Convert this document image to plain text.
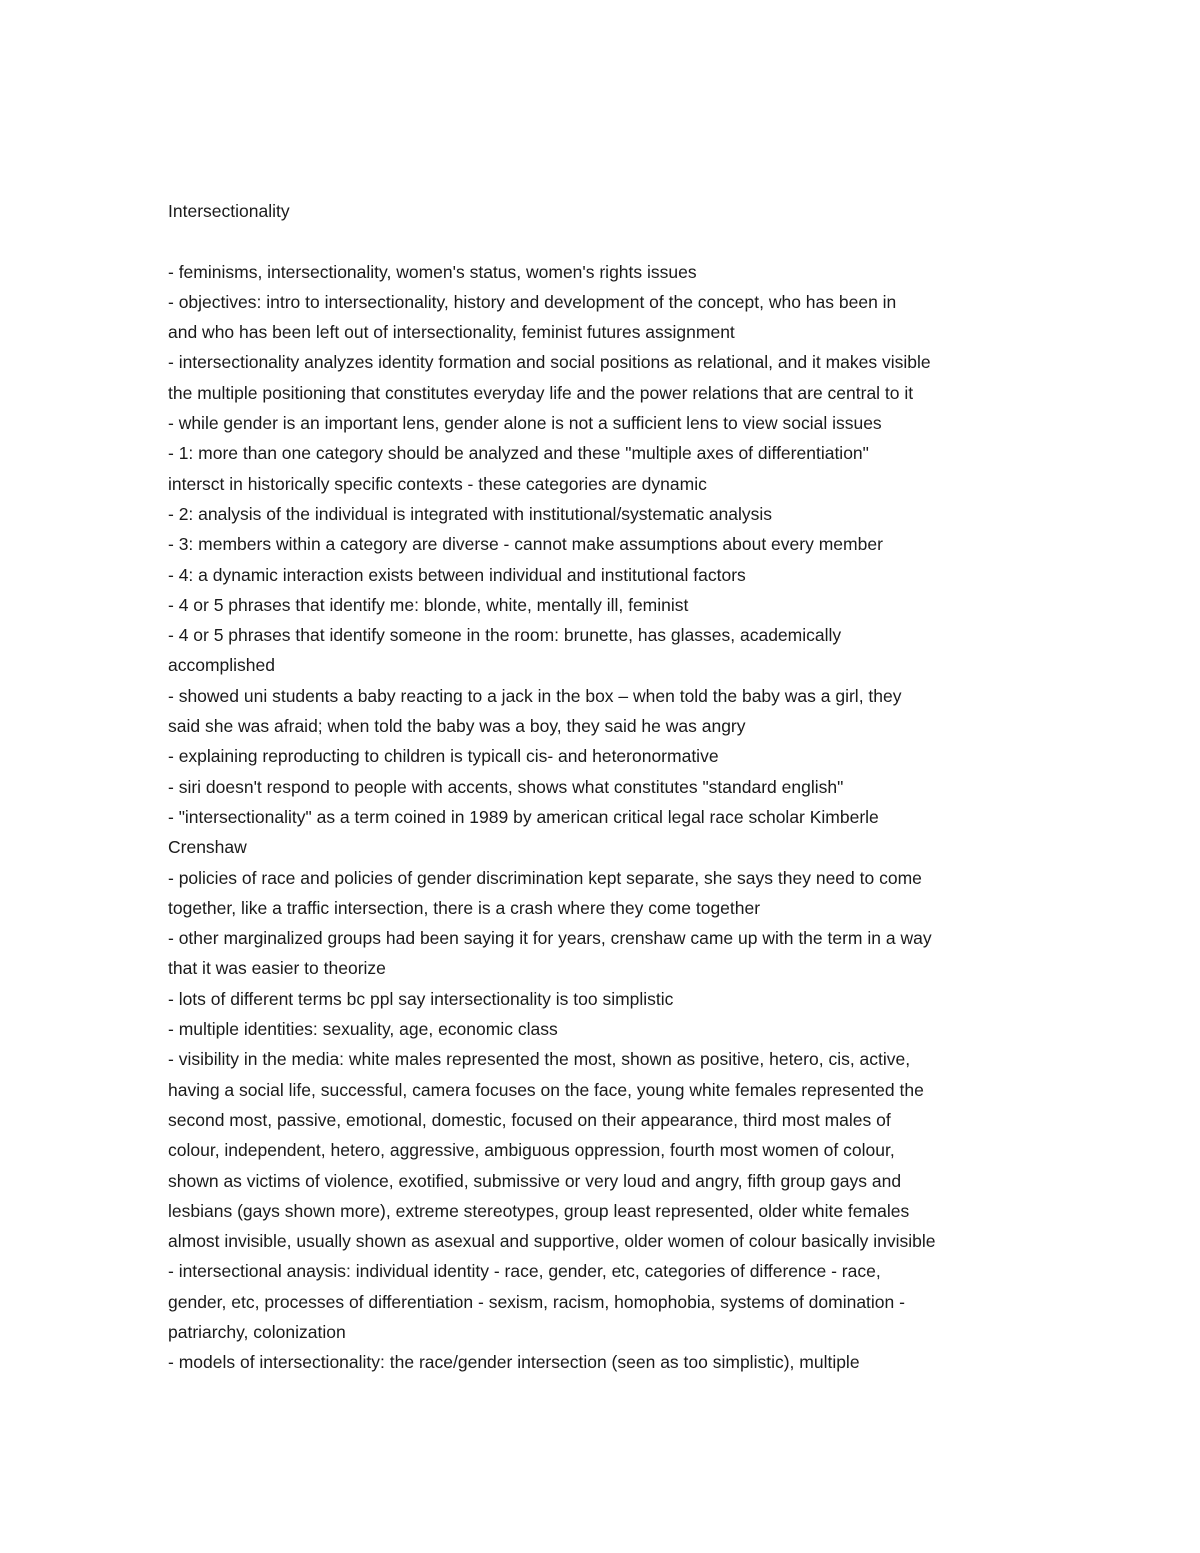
Intersectionality

- feminisms, intersectionality, women's status, women's rights issues

- objectives: intro to intersectionality, history and development of the concept, who has been in

and who has been left out of intersectionality, feminist futures assignment

- intersectionality analyzes identity formation and social positions as relational, and it makes visible

the multiple positioning that constitutes everyday life and the power relations that are central to it

- while gender is an important lens, gender alone is not a sufficient lens to view social issues

- 1: more than one category should be analyzed and these "multiple axes of differentiation"

intersct in historically specific contexts - these categories are dynamic

- 2: analysis of the individual is integrated with institutional/systematic analysis

- 3: members within a category are diverse - cannot make assumptions about every member

- 4: a dynamic interaction exists between individual and institutional factors

- 4 or 5 phrases that identify me: blonde, white, mentally ill, feminist

- 4 or 5 phrases that identify someone in the room: brunette, has glasses, academically

accomplished

- showed uni students a baby reacting to a jack in the box – when told the baby was a girl, they

said she was afraid; when told the baby was a boy, they said he was angry

- explaining reproducting to children is typicall cis- and heteronormative

- siri doesn't respond to people with accents, shows what constitutes "standard english"

- "intersectionality" as a term coined in 1989 by american critical legal race scholar Kimberle

Crenshaw

- policies of race and policies of gender discrimination kept separate, she says they need to come

together, like a traffic intersection, there is a crash where they come together

- other marginalized groups had been saying it for years, crenshaw came up with the term in a way

that it was easier to theorize

- lots of different terms bc ppl say intersectionality is too simplistic

- multiple identities: sexuality, age, economic class

- visibility in the media: white males represented the most, shown as positive, hetero, cis, active,

having a social life, successful, camera focuses on the face, young white females represented the

second most, passive, emotional, domestic, focused on their appearance, third most males of

colour, independent, hetero, aggressive, ambiguous oppression, fourth most women of colour,

shown as victims of violence, exotified, submissive or very loud and angry, fifth group gays and

lesbians (gays shown more), extreme stereotypes, group least represented, older white females

almost invisible, usually shown as asexual and supportive, older women of colour basically invisible

- intersectional anaysis: individual identity - race, gender, etc, categories of difference - race,

gender, etc, processes of differentiation - sexism, racism, homophobia, systems of domination -

patriarchy, colonization

- models of intersectionality: the race/gender intersection (seen as too simplistic), multiple
